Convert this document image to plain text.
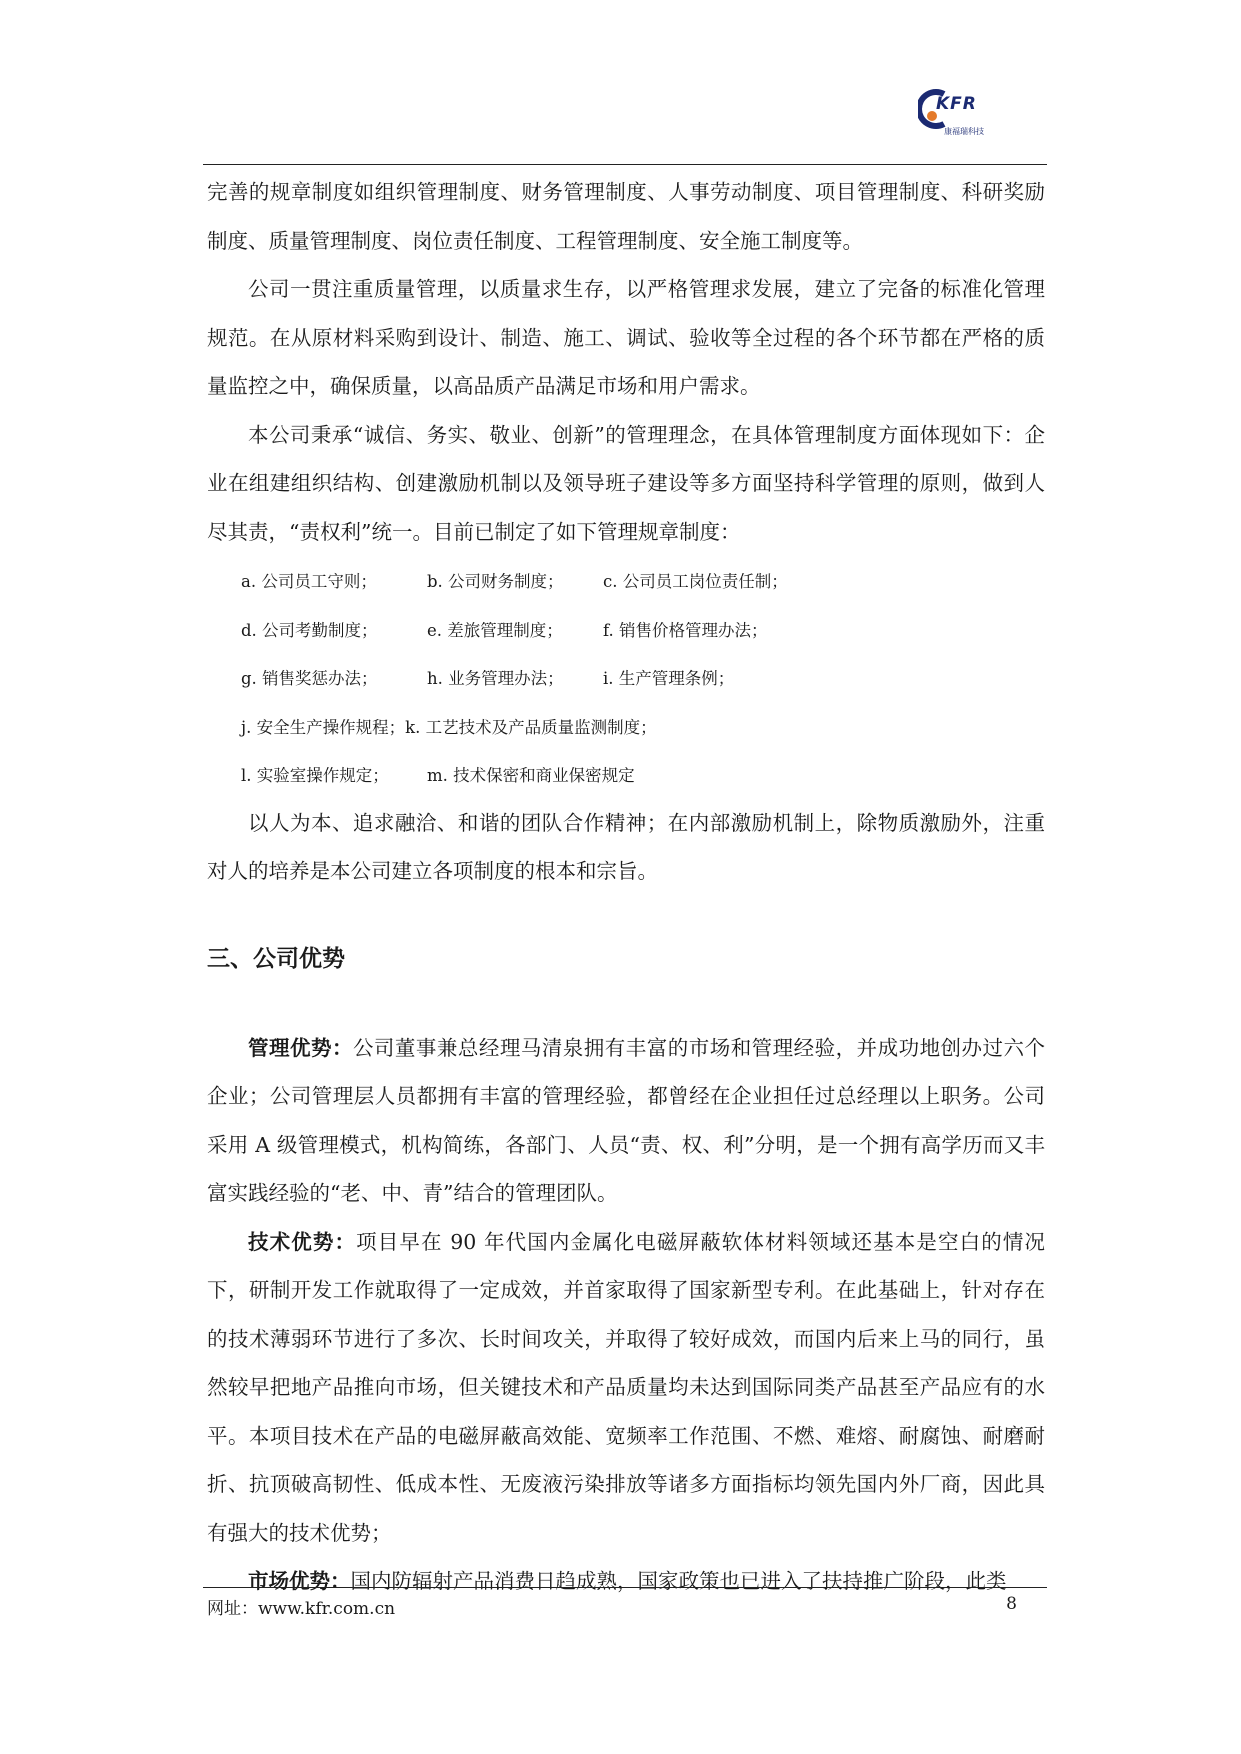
KFR
康福瑞科技

完善的规章制度如组织管理制度、财务管理制度、人事劳动制度、项目管理制度、科研奖励制度、质量管理制度、岗位责任制度、工程管理制度、安全施工制度等。

公司一贯注重质量管理，以质量求生存，以严格管理求发展，建立了完备的标准化管理规范。在从原材料采购到设计、制造、施工、调试、验收等全过程的各个环节都在严格的质量监控之中，确保质量，以高品质产品满足市场和用户需求。

本公司秉承“诚信、务实、敬业、创新”的管理理念，在具体管理制度方面体现如下：企业在组建组织结构、创建激励机制以及领导班子建设等多方面坚持科学管理的原则，做到人尽其责，“责权利”统一。目前已制定了如下管理规章制度：

a. 公司员工守则；	b. 公司财务制度；	c. 公司员工岗位责任制；
d. 公司考勤制度；	e. 差旅管理制度；	f. 销售价格管理办法；
g. 销售奖惩办法；	h. 业务管理办法；	i. 生产管理条例；
j. 安全生产操作规程；k. 工艺技术及产品质量监测制度；
l. 实验室操作规定；	m. 技术保密和商业保密规定

以人为本、追求融洽、和谐的团队合作精神；在内部激励机制上，除物质激励外，注重对人的培养是本公司建立各项制度的根本和宗旨。

三、公司优势

管理优势：公司董事兼总经理马清泉拥有丰富的市场和管理经验，并成功地创办过六个企业；公司管理层人员都拥有丰富的管理经验，都曾经在企业担任过总经理以上职务。公司采用 A 级管理模式，机构简练，各部门、人员“责、权、利”分明，是一个拥有高学历而又丰富实践经验的“老、中、青”结合的管理团队。

技术优势：项目早在 90 年代国内金属化电磁屏蔽软体材料领域还基本是空白的情况下，研制开发工作就取得了一定成效，并首家取得了国家新型专利。在此基础上，针对存在的技术薄弱环节进行了多次、长时间攻关，并取得了较好成效，而国内后来上马的同行，虽然较早把地产品推向市场，但关键技术和产品质量均未达到国际同类产品甚至产品应有的水平。本项目技术在产品的电磁屏蔽高效能、宽频率工作范围、不燃、难熔、耐腐蚀、耐磨耐折、抗顶破高韧性、低成本性、无废液污染排放等诸多方面指标均领先国内外厂商，因此具有强大的技术优势；

市场优势：国内防辐射产品消费日趋成熟，国家政策也已进入了扶持推广阶段，此类

网址：www.kfr.com.cn	8
